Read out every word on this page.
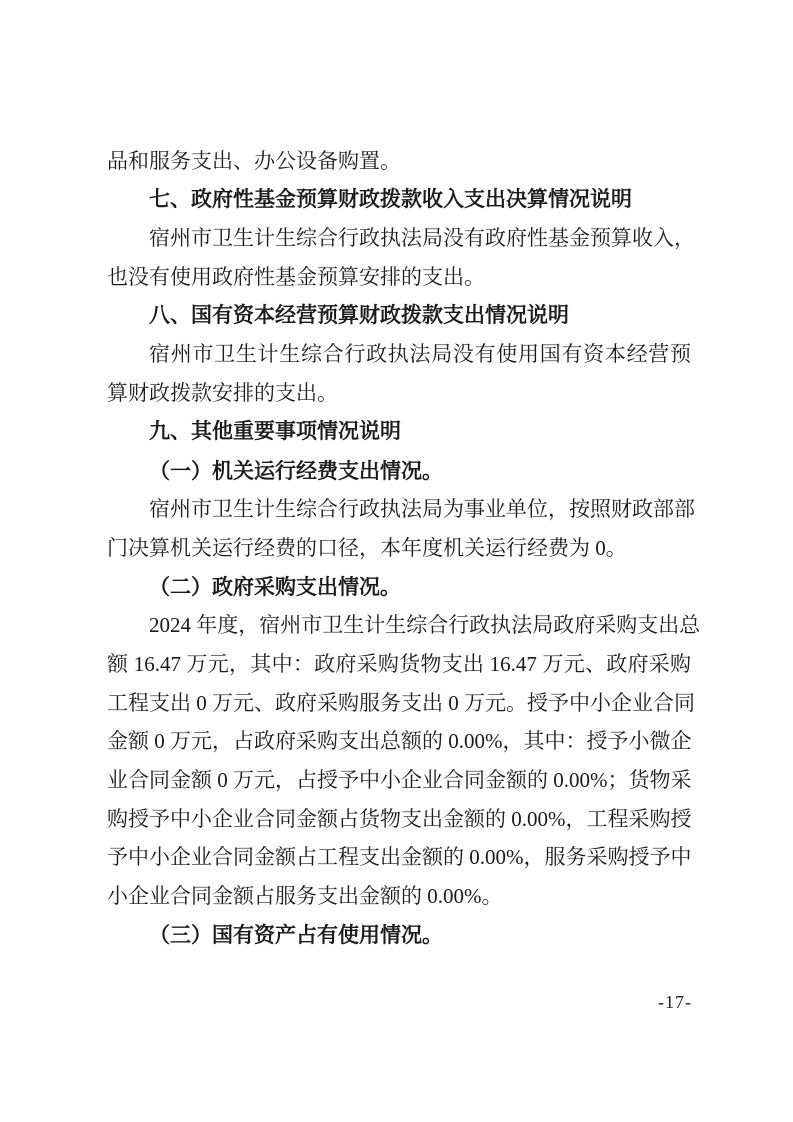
品和服务支出、办公设备购置。
七、政府性基金预算财政拨款收入支出决算情况说明
宿州市卫生计生综合行政执法局没有政府性基金预算收入，
也没有使用政府性基金预算安排的支出。
八、国有资本经营预算财政拨款支出情况说明
宿州市卫生计生综合行政执法局没有使用国有资本经营预
算财政拨款安排的支出。
九、其他重要事项情况说明
（一）机关运行经费支出情况。
宿州市卫生计生综合行政执法局为事业单位，按照财政部部
门决算机关运行经费的口径，本年度机关运行经费为 0。
（二）政府采购支出情况。
2024 年度，宿州市卫生计生综合行政执法局政府采购支出总
额 16.47 万元，其中：政府采购货物支出 16.47 万元、政府采购
工程支出 0 万元、政府采购服务支出 0 万元。授予中小企业合同
金额 0 万元，占政府采购支出总额的 0.00%，其中：授予小微企
业合同金额 0 万元，占授予中小企业合同金额的 0.00%；货物采
购授予中小企业合同金额占货物支出金额的 0.00%，工程采购授
予中小企业合同金额占工程支出金额的 0.00%，服务采购授予中
小企业合同金额占服务支出金额的 0.00%。
（三）国有资产占有使用情况。
-17-
